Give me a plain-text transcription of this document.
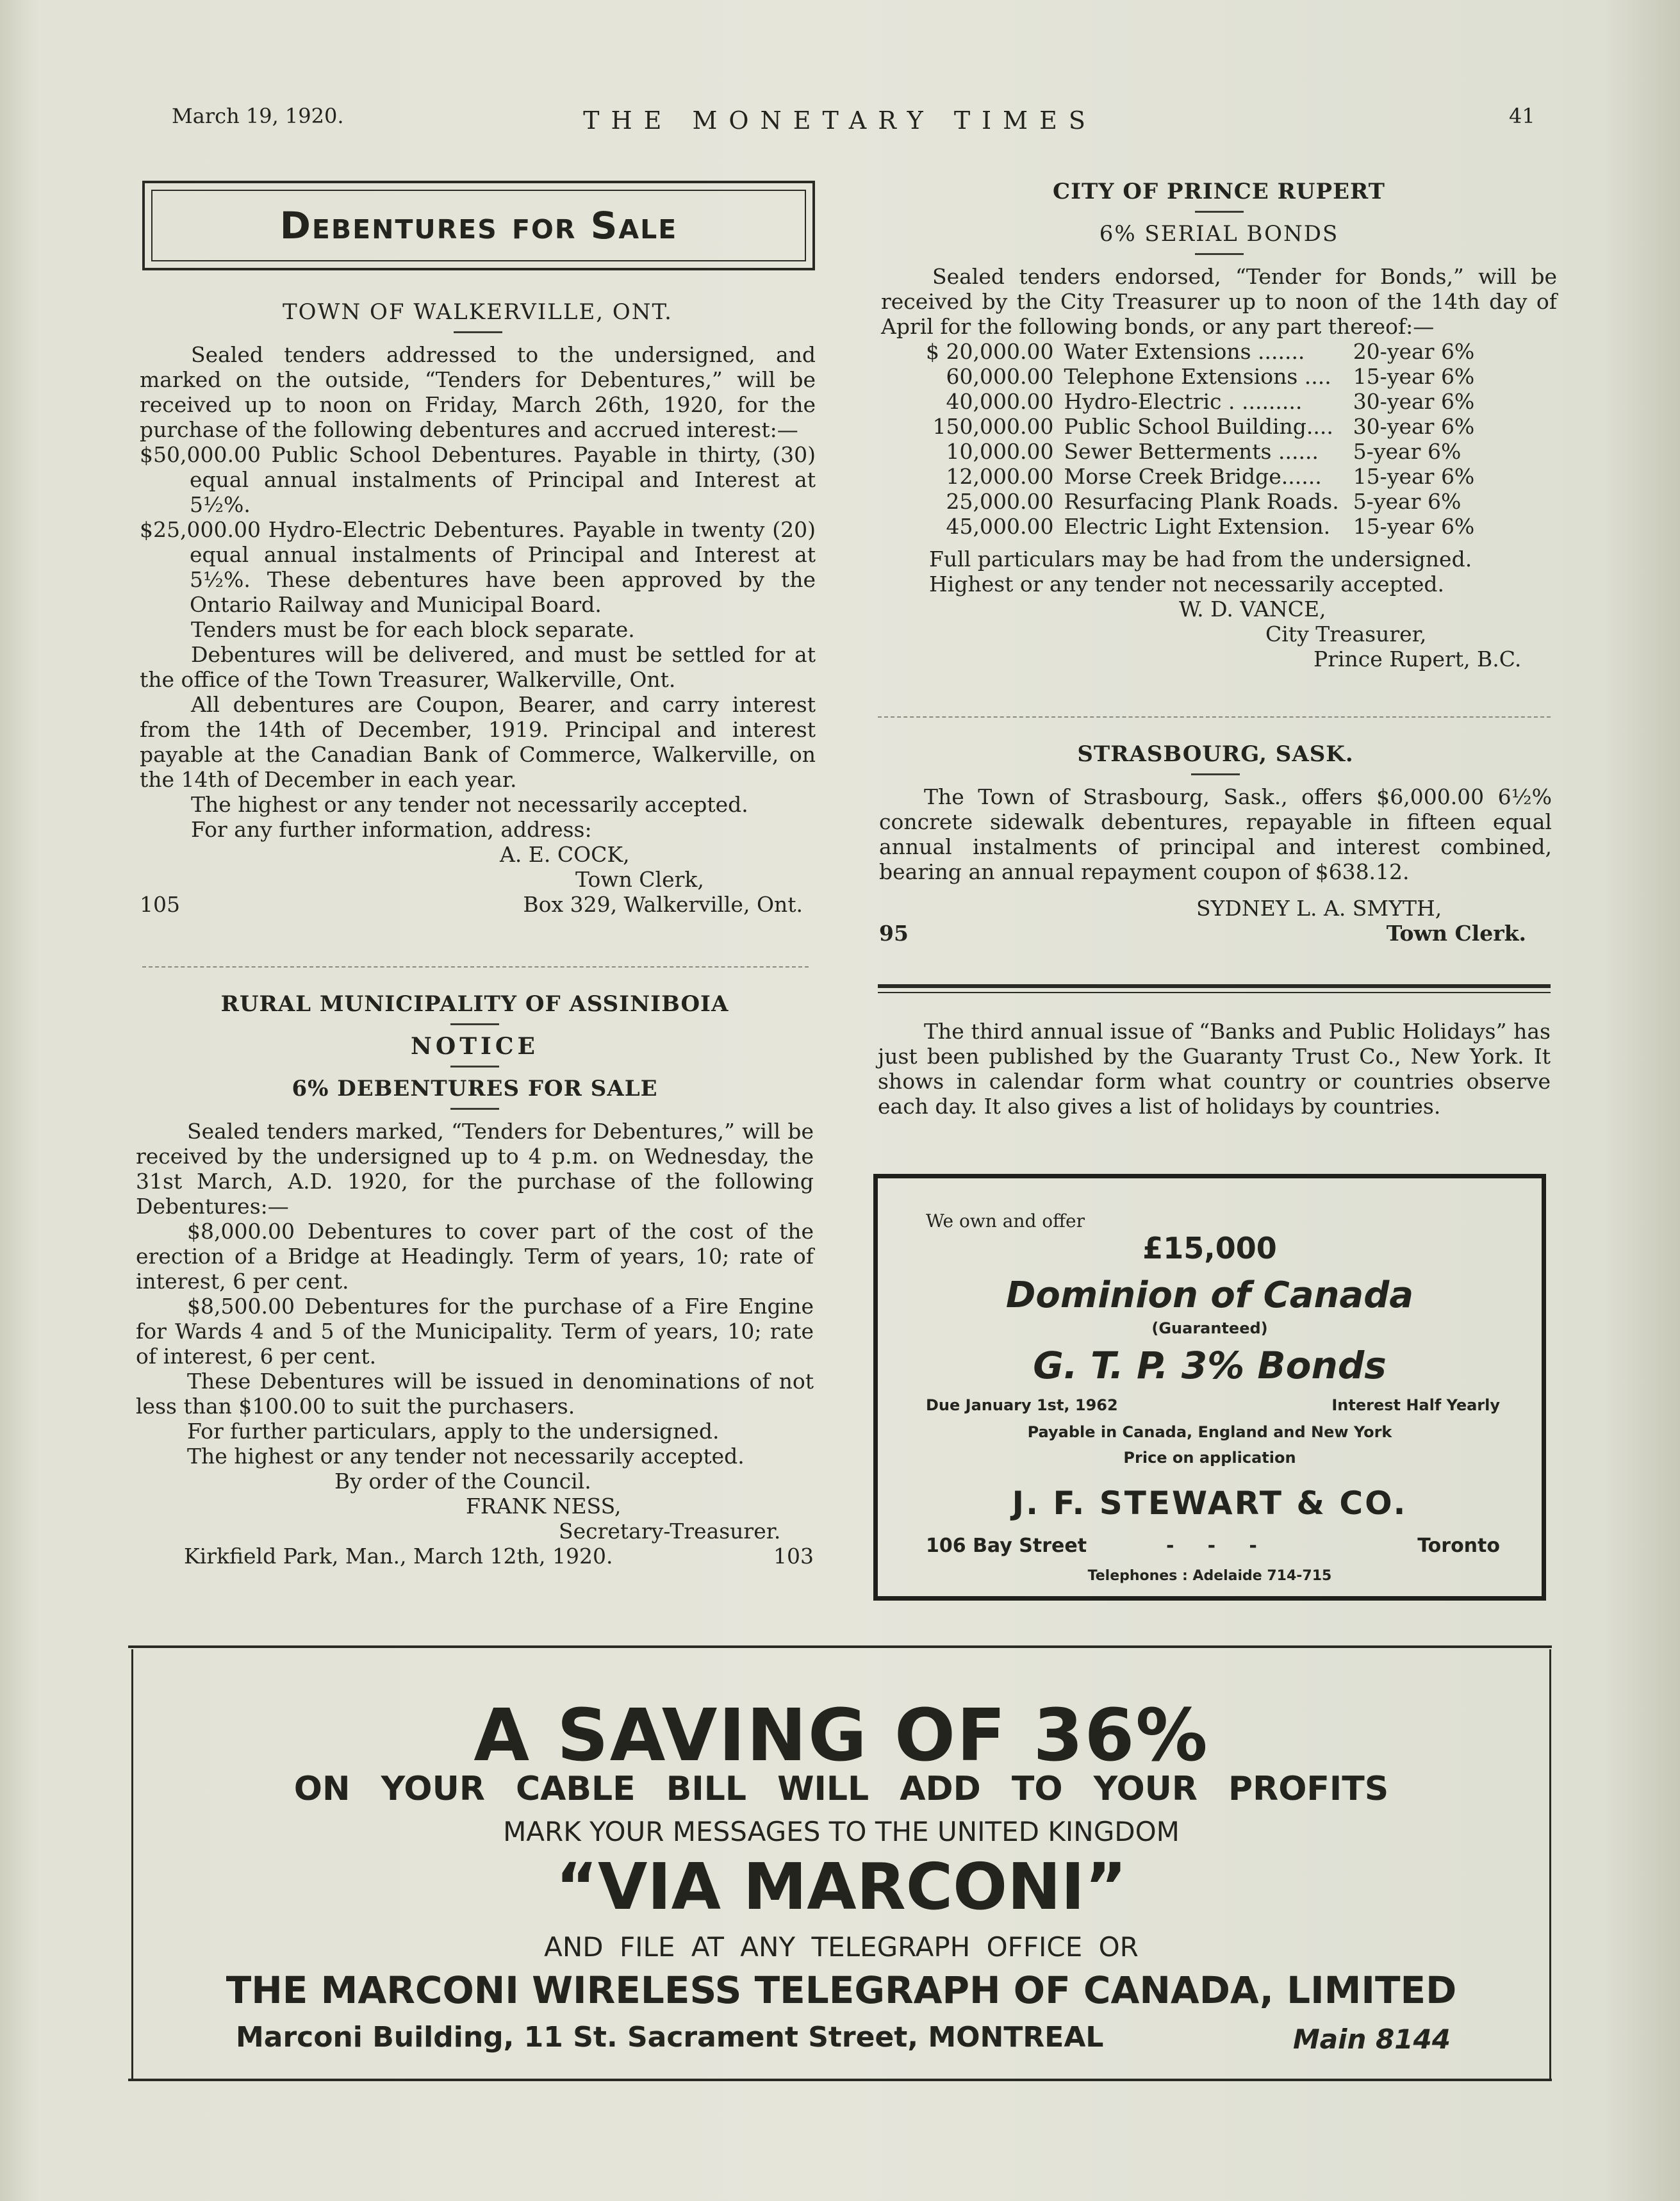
March 19, 1920.	THE MONETARY TIMES	41
Debentures for Sale
TOWN OF WALKERVILLE, ONT.
Sealed tenders addressed to the undersigned, and marked on the outside, “Tenders for Debentures,” will be received up to noon on Friday, March 26th, 1920, for the purchase of the following debentures and accrued interest:—
$50,000.00 Public School Debentures. Payable in thirty, (30) equal annual instalments of Principal and Interest at 5½%.
$25,000.00 Hydro-Electric Debentures. Payable in twenty (20) equal annual instalments of Principal and Interest at 5½%. These debentures have been approved by the Ontario Railway and Municipal Board.
Tenders must be for each block separate.
Debentures will be delivered, and must be settled for at the office of the Town Treasurer, Walkerville, Ont.
All debentures are Coupon, Bearer, and carry interest from the 14th of December, 1919. Principal and interest payable at the Canadian Bank of Commerce, Walkerville, on the 14th of December in each year.
The highest or any tender not necessarily accepted.
For any further information, address:
A. E. COCK,
Town Clerk,
105	Box 329, Walkerville, Ont.
RURAL MUNICIPALITY OF ASSINIBOIA
NOTICE
6% DEBENTURES FOR SALE
Sealed tenders marked, “Tenders for Debentures,” will be received by the undersigned up to 4 p.m. on Wednesday, the 31st March, A.D. 1920, for the purchase of the following Debentures:—
$8,000.00 Debentures to cover part of the cost of the erection of a Bridge at Headingly. Term of years, 10; rate of interest, 6 per cent.
$8,500.00 Debentures for the purchase of a Fire Engine for Wards 4 and 5 of the Municipality. Term of years, 10; rate of interest, 6 per cent.
These Debentures will be issued in denominations of not less than $100.00 to suit the purchasers.
For further particulars, apply to the undersigned.
The highest or any tender not necessarily accepted.
By order of the Council.
FRANK NESS,
Secretary-Treasurer.
Kirkfield Park, Man., March 12th, 1920.	103
CITY OF PRINCE RUPERT
6% SERIAL BONDS
Sealed tenders endorsed, “Tender for Bonds,” will be received by the City Treasurer up to noon of the 14th day of April for the following bonds, or any part thereof:—
$ 20,000.00	Water Extensions .......	20-year 6%
60,000.00	Telephone Extensions ....	15-year 6%
40,000.00	Hydro-Electric . .........	30-year 6%
150,000.00	Public School Building....	30-year 6%
10,000.00	Sewer Betterments ......	5-year 6%
12,000.00	Morse Creek Bridge......	15-year 6%
25,000.00	Resurfacing Plank Roads.	5-year 6%
45,000.00	Electric Light Extension.	15-year 6%
Full particulars may be had from the undersigned.
Highest or any tender not necessarily accepted.
W. D. VANCE,
City Treasurer,
Prince Rupert, B.C.
STRASBOURG, SASK.
The Town of Strasbourg, Sask., offers $6,000.00 6½% concrete sidewalk debentures, repayable in fifteen equal annual instalments of principal and interest combined, bearing an annual repayment coupon of $638.12.
SYDNEY L. A. SMYTH,
95	Town Clerk.
The third annual issue of “Banks and Public Holidays” has just been published by the Guaranty Trust Co., New York. It shows in calendar form what country or countries observe each day. It also gives a list of holidays by countries.
We own and offer
£15,000
Dominion of Canada
(Guaranteed)
G. T. P. 3% Bonds
Due January 1st, 1962	Interest Half Yearly
Payable in Canada, England and New York
Price on application
J. F. STEWART & CO.
106 Bay Street	-     -     -	Toronto
Telephones : Adelaide 714-715
A SAVING OF 36%
ON YOUR CABLE BILL WILL ADD TO YOUR PROFITS
MARK YOUR MESSAGES TO THE UNITED KINGDOM
“VIA MARCONI”
AND FILE AT ANY TELEGRAPH OFFICE OR
THE MARCONI WIRELESS TELEGRAPH OF CANADA, LIMITED
Marconi Building, 11 St. Sacrament Street, MONTREAL	Main 8144
